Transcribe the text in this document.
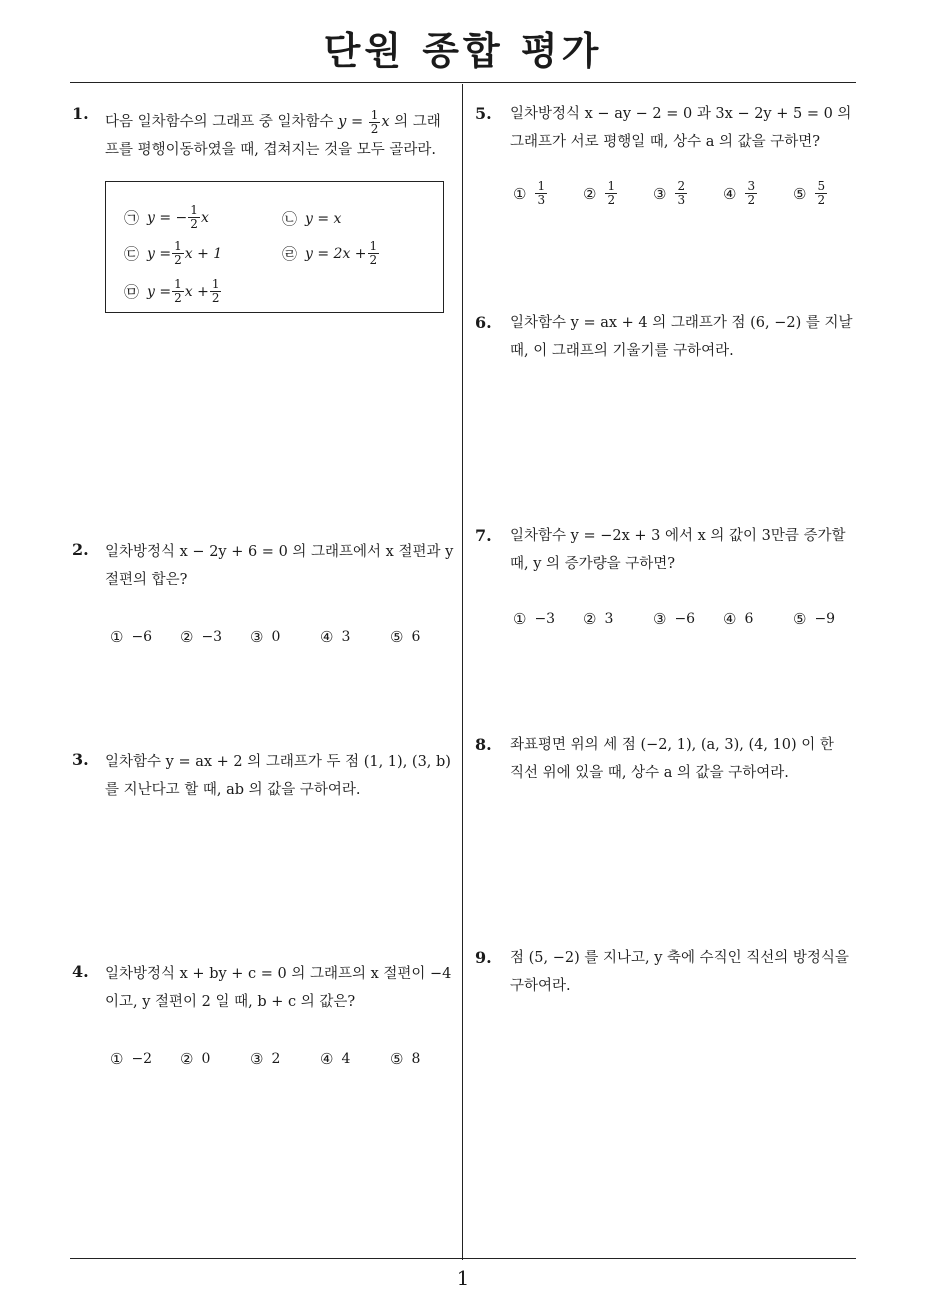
단원 종합 평가
1
1. 다음 일차함수의 그래프 중 일차함수 $y = \frac{1}{2}$ x 의 그래
프를 평행이동하였을 때, 겹쳐지는 것을 모두 골라라.
㉠ y = − $\frac{1}{2}$ x	㉡ y = x
㉢ $y = \frac{1}{2}$ x + 1	㉣ $y = 2x + \frac{1}{2}$
㉤ $y = \frac{1}{2}$ $x + \frac{1}{2}$
2. 일차방정식 x − 2y + 6 = 0 의 그래프에서 x 절편과 y
절편의 합은?
① −6 ② −3 ③ 0	④ 3	⑤ 6
3. 일차함수 y = ax + 2 의 그래프가 두 점 (1, 1), (3, b)
를 지난다고 할 때, ab 의 값을 구하여라.
4. 일차방정식 x + by + c = 0 의 그래프의 x 절편이 −4
이고, y 절편이 2 일 때, b + c 의 값은?
① −2 ② 0	③ 2	④ 4	⑤ 8
5. 일차방정식 x − ay − 2 = 0 과 3x − 2y + 5 = 0 의
그래프가 서로 평행일 때, 상수 a 의 값을 구하면?
① $\frac{1}{3}$ ② $\frac{1}{2}$ ③ $\frac{2}{3}$ ④ $\frac{3}{2}$ ⑤ $\frac{5}{2}$
6. 일차함수 y = ax + 4 의 그래프가 점 (6, −2) 를 지날
때, 이 그래프의 기울기를 구하여라.
7. 일차함수 y = −2x + 3 에서 x 의 값이 3만큼 증가할
때, y 의 증가량을 구하면?
① −3 ② 3	③ −6 ④ 6	⑤ −9
8. 좌표평면 위의 세 점 (−2, 1), (a, 3), (4, 10) 이 한
직선 위에 있을 때, 상수 a 의 값을 구하여라.
9. 점 (5, −2) 를 지나고, y 축에 수직인 직선의 방정식을
구하여라.
